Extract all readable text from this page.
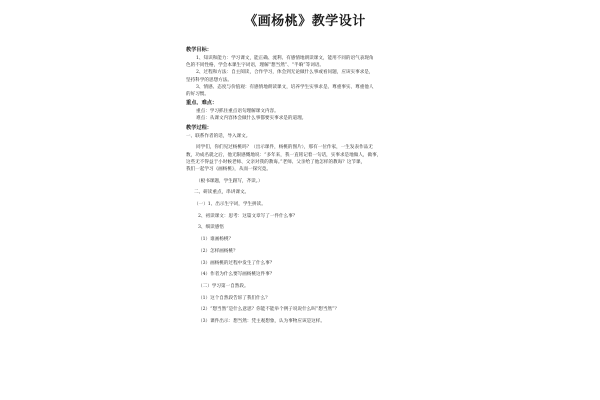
《画杨桃》教学设计
教学目标：

1、知识和能力：学习课文，能正确、流利、有感情地朗读课文，能用不同的语气表现角

色的不同性格，学会本课生字词语，理解“想当然”、“半晌”等词语。

2、过程和方法：自主阅读，合作学习，体会到无论做什么事或看问题，应该实事求是，

坚持科学的思想方法。

3、情感、态度与价值观：有感情地朗读课文，培养学生实事求是、尊重事实、尊重他人

的好习惯。

重点、难点：

重点：学习抓住重点语句理解课文内容。

难点：从课文内容体会做什么事都要实事求是的道理。

教学过程：

一、联系作者的话，导入课文。

同学们，你们见过杨桃吗？（出示课件，杨桃的图片），那有一位作家，一生发表作品无

数，功成名就之后，他无限感慨地说：“多年来，我一直铭记着一句话，实事求是地做人，做事，

这些无不得益于小时候老师、父亲对我的教诲。”老师、父亲给了他怎样的教诲？这节课，

我们一起学习《画杨桃》，从而一探究竟。

（板书课题，学生跟写，齐读。）

二、研读重点，串讲课文。

（一）1、出示生字词，学生拼读。

2、初读课文：思考：这篇文章写了一件什么事？

3、细读感悟

（1）谁画杨桃？

（2）怎样画杨桃？

（3）画杨桃的过程中发生了什么事？

（4）作者为什么要写画杨桃这件事？

（二）学习第一自然段。

（1）这个自然段告诉了我们什么？

（2）“想当然”是什么意思？你能不能举个例子说说什么叫“想当然”？

（3）课件出示：想当然：凭主观想象，认为事物应该是这样。
